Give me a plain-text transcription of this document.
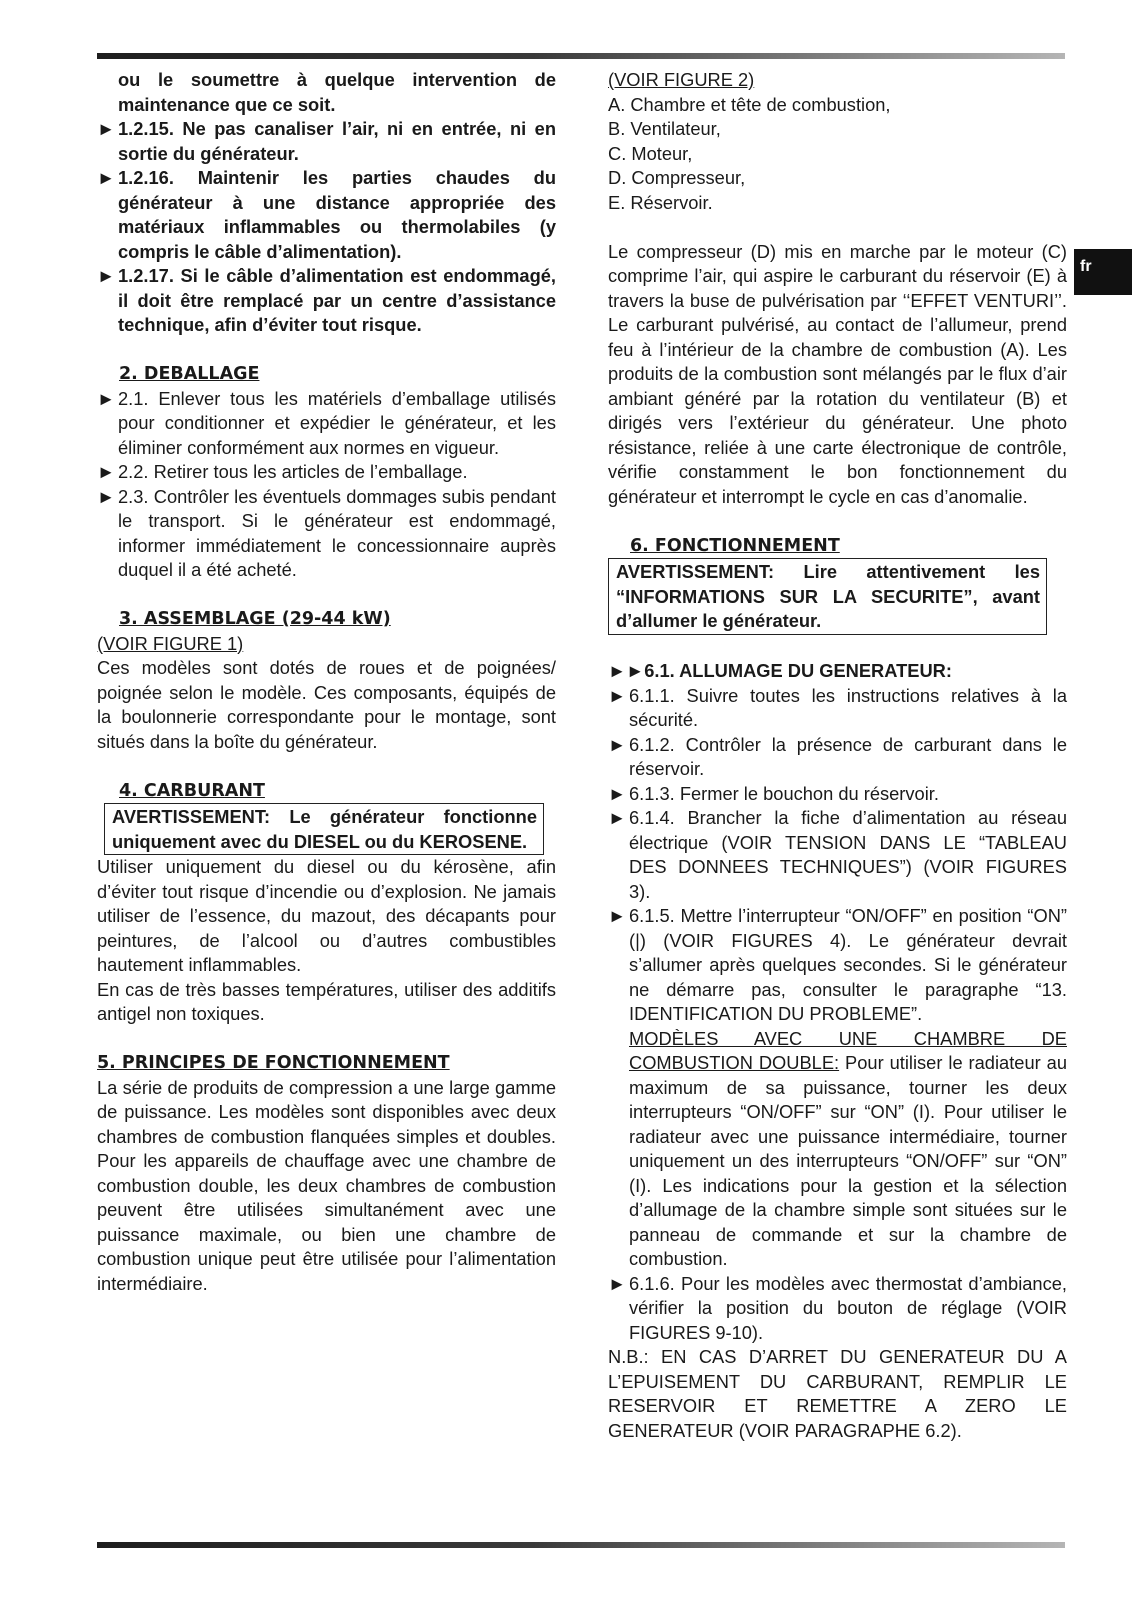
ou le soumettre à quelque intervention de maintenance que ce soit.

► 1.2.15. Ne pas canaliser l’air, ni en entrée, ni en sortie du générateur.
► 1.2.16. Maintenir les parties chaudes du générateur à une distance appropriée des matériaux inflammables ou thermolabiles (y compris le câble d’alimentation).
► 1.2.17. Si le câble d’alimentation est endommagé, il doit être remplacé par un centre d’assistance technique, afin d’éviter tout risque.

2. DEBALLAGE

► 2.1. Enlever tous les matériels d’emballage utilisés pour conditionner et expédier le générateur, et les éliminer conformément aux normes en vigueur.
► 2.2. Retirer tous les articles de l’emballage.
► 2.3. Contrôler les éventuels dommages subis pendant le transport. Si le générateur est endommagé, informer immédiatement le concessionnaire auprès duquel il a été acheté.

3. ASSEMBLAGE (29-44 kW)

(VOIR FIGURE 1)

Ces modèles sont dotés de roues et de poignées/ poignée selon le modèle. Ces composants, équipés de la boulonnerie correspondante pour le montage, sont situés dans la boîte du générateur.

4. CARBURANT

AVERTISSEMENT: Le générateur fonctionne uniquement avec du DIESEL ou du KEROSENE.

Utiliser uniquement du diesel ou du kérosène, afin d’éviter tout risque d’incendie ou d’explosion. Ne jamais utiliser de l’essence, du mazout, des décapants pour peintures, de l’alcool ou d’autres combustibles hautement inflammables.

En cas de très basses températures, utiliser des additifs antigel non toxiques.

5. PRINCIPES DE FONCTIONNEMENT

La série de produits de compression a une large gamme de puissance. Les modèles sont disponibles avec deux chambres de combustion flanquées simples et doubles. Pour les appareils de chauffage avec une chambre de combustion double, les deux chambres de combustion peuvent être utilisées simultanément avec une puissance maximale, ou bien une chambre de combustion unique peut être utilisée pour l’alimentation intermédiaire.

(VOIR FIGURE 2)

A. Chambre et tête de combustion,

B. Ventilateur,

C. Moteur,

D. Compresseur,

E. Réservoir.

Le compresseur (D) mis en marche par le moteur (C) comprime l’air, qui aspire le carburant du réservoir (E) à travers la buse de pulvérisation par ‘‘EFFET VENTURI’’. Le carburant pulvérisé, au contact de l’allumeur, prend feu à l’intérieur de la chambre de combustion (A). Les produits de la combustion sont mélangés par le flux d’air ambiant généré par la rotation du ventilateur (B) et dirigés vers l’extérieur du générateur. Une photo résistance, reliée à une carte électronique de contrôle, vérifie constamment le bon fonctionnement du générateur et interrompt le cycle en cas d’anomalie.

6. FONCTIONNEMENT

AVERTISSEMENT: Lire attentivement les “INFORMATIONS SUR LA SECURITE”, avant d’allumer le générateur.
►►6.1. ALLUMAGE DU GENERATEUR:
► 6.1.1. Suivre toutes les instructions relatives à la sécurité.
► 6.1.2. Contrôler la présence de carburant dans le réservoir.
► 6.1.3. Fermer le bouchon du réservoir.
► 6.1.4. Brancher la fiche d’alimentation au réseau électrique (VOIR TENSION DANS LE “TABLEAU DES DONNEES TECHNIQUES”) (VOIR FIGURES 3).
► 6.1.5. Mettre l’interrupteur “ON/OFF” en position “ON” (|) (VOIR FIGURES 4). Le générateur devrait s’allumer après quelques secondes. Si le générateur ne démarre pas, consulter le paragraphe “13. IDENTIFICATION DU PROBLEME”.

MODÈLES AVEC UNE CHAMBRE DE COMBUSTION DOUBLE: Pour utiliser le radiateur au maximum de sa puissance, tourner les deux interrupteurs “ON/OFF” sur “ON” (I). Pour utiliser le radiateur avec une puissance intermédiaire, tourner uniquement un des interrupteurs “ON/OFF” sur “ON” (I). Les indications pour la gestion et la sélection d’allumage de la chambre simple sont situées sur le panneau de commande et sur la chambre de combustion.

► 6.1.6. Pour les modèles avec thermostat d’ambiance, vérifier la position du bouton de réglage (VOIR FIGURES 9-10).

N.B.: EN CAS D’ARRET DU GENERATEUR DU A L’EPUISEMENT DU CARBURANT, REMPLIR LE RESERVOIR ET REMETTRE A ZERO LE GENERATEUR (VOIR PARAGRAPHE 6.2).

fr
